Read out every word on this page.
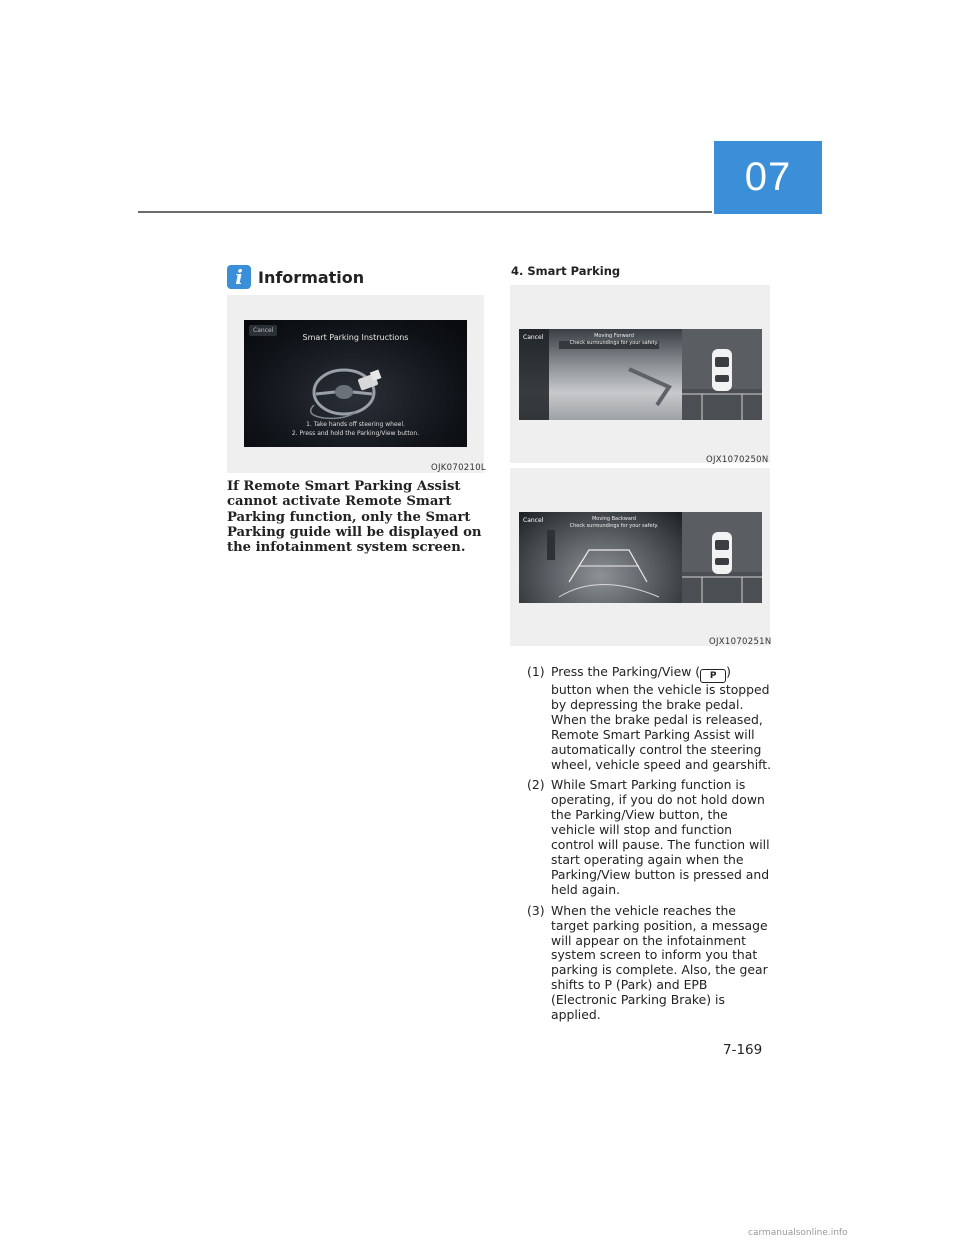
07
i Information
Cancel
Smart Parking Instructions
1. Take hands off steering wheel.
2. Press and hold the Parking/View button.
OJK070210L
If Remote Smart Parking Assist cannot activate Remote Smart Parking function, only the Smart Parking guide will be displayed on the infotainment system screen.
4. Smart Parking
Cancel	Moving Forward
Check surroundings for your safety.
OJX1070250N
Cancel	Moving Backward
Check surroundings for your safety.
OJX1070251N
(1) Press the Parking/View ( P ) button when the vehicle is stopped by depressing the brake pedal. When the brake pedal is released, Remote Smart Parking Assist will automatically control the steering wheel, vehicle speed and gearshift.
(2) While Smart Parking function is operating, if you do not hold down the Parking/View button, the vehicle will stop and function control will pause. The function will start operating again when the Parking/View button is pressed and held again.
(3) When the vehicle reaches the target parking position, a message will appear on the infotainment system screen to inform you that parking is complete. Also, the gear shifts to P (Park) and EPB (Electronic Parking Brake) is applied.
7-169
carmanualsonline.info
